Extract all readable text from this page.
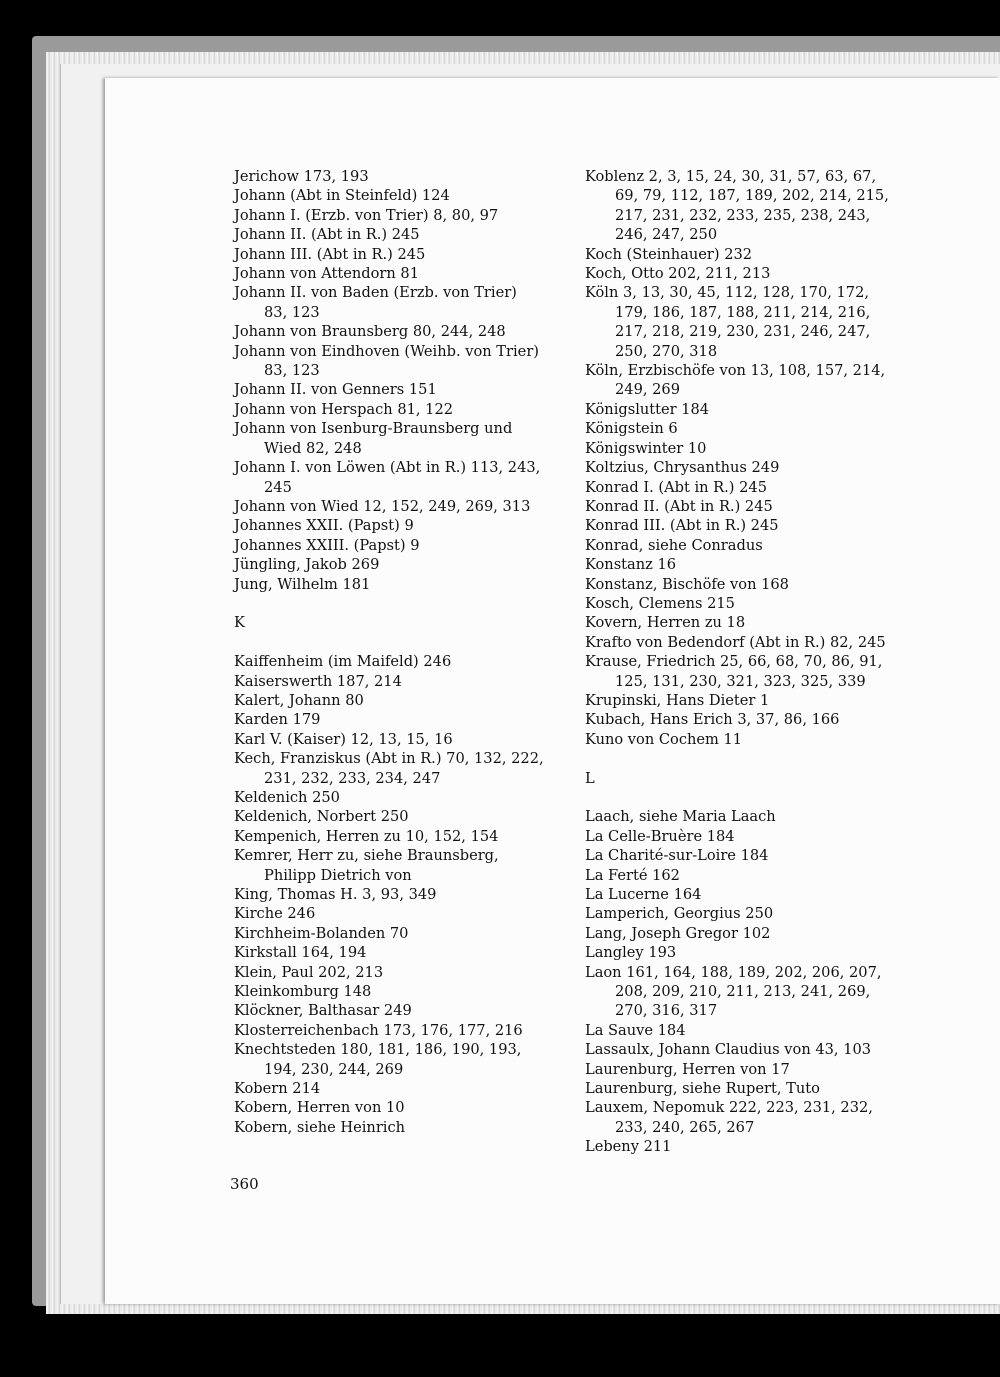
Jerichow 173, 193
Johann (Abt in Steinfeld) 124
Johann I. (Erzb. von Trier) 8, 80, 97
Johann II. (Abt in R.) 245
Johann III. (Abt in R.) 245
Johann von Attendorn 81
Johann II. von Baden (Erzb. von Trier) 83, 123
Johann von Braunsberg 80, 244, 248
Johann von Eindhoven (Weihb. von Trier) 83, 123
Johann II. von Genners 151
Johann von Herspach 81, 122
Johann von Isenburg-Braunsberg und Wied 82, 248
Johann I. von Löwen (Abt in R.) 113, 243, 245
Johann von Wied 12, 152, 249, 269, 313
Johannes XXII. (Papst) 9
Johannes XXIII. (Papst) 9
Jüngling, Jakob 269
Jung, Wilhelm 181
K
Kaiffenheim (im Maifeld) 246
Kaiserswerth 187, 214
Kalert, Johann 80
Karden 179
Karl V. (Kaiser) 12, 13, 15, 16
Kech, Franziskus (Abt in R.) 70, 132, 222, 231, 232, 233, 234, 247
Keldenich 250
Keldenich, Norbert 250
Kempenich, Herren zu 10, 152, 154
Kemrer, Herr zu, siehe Braunsberg, Philipp Dietrich von
King, Thomas H. 3, 93, 349
Kirche 246
Kirchheim-Bolanden 70
Kirkstall 164, 194
Klein, Paul 202, 213
Kleinkomburg 148
Klöckner, Balthasar 249
Klosterreichenbach 173, 176, 177, 216
Knechtsteden 180, 181, 186, 190, 193, 194, 230, 244, 269
Kobern 214
Kobern, Herren von 10
Kobern, siehe Heinrich
Koblenz 2, 3, 15, 24, 30, 31, 57, 63, 67, 69, 79, 112, 187, 189, 202, 214, 215, 217, 231, 232, 233, 235, 238, 243, 246, 247, 250
Koch (Steinhauer) 232
Koch, Otto 202, 211, 213
Köln 3, 13, 30, 45, 112, 128, 170, 172, 179, 186, 187, 188, 211, 214, 216, 217, 218, 219, 230, 231, 246, 247, 250, 270, 318
Köln, Erzbischöfe von 13, 108, 157, 214, 249, 269
Königslutter 184
Königstein 6
Königswinter 10
Koltzius, Chrysanthus 249
Konrad I. (Abt in R.) 245
Konrad II. (Abt in R.) 245
Konrad III. (Abt in R.) 245
Konrad, siehe Conradus
Konstanz 16
Konstanz, Bischöfe von 168
Kosch, Clemens 215
Kovern, Herren zu 18
Krafto von Bedendorf (Abt in R.) 82, 245
Krause, Friedrich 25, 66, 68, 70, 86, 91, 125, 131, 230, 321, 323, 325, 339
Krupinski, Hans Dieter 1
Kubach, Hans Erich 3, 37, 86, 166
Kuno von Cochem 11
L
Laach, siehe Maria Laach
La Celle-Bruère 184
La Charité-sur-Loire 184
La Ferté 162
La Lucerne 164
Lamperich, Georgius 250
Lang, Joseph Gregor 102
Langley 193
Laon 161, 164, 188, 189, 202, 206, 207, 208, 209, 210, 211, 213, 241, 269, 270, 316, 317
La Sauve 184
Lassaulx, Johann Claudius von 43, 103
Laurenburg, Herren von 17
Laurenburg, siehe Rupert, Tuto
Lauxem, Nepomuk 222, 223, 231, 232, 233, 240, 265, 267
Lebeny 211
360
